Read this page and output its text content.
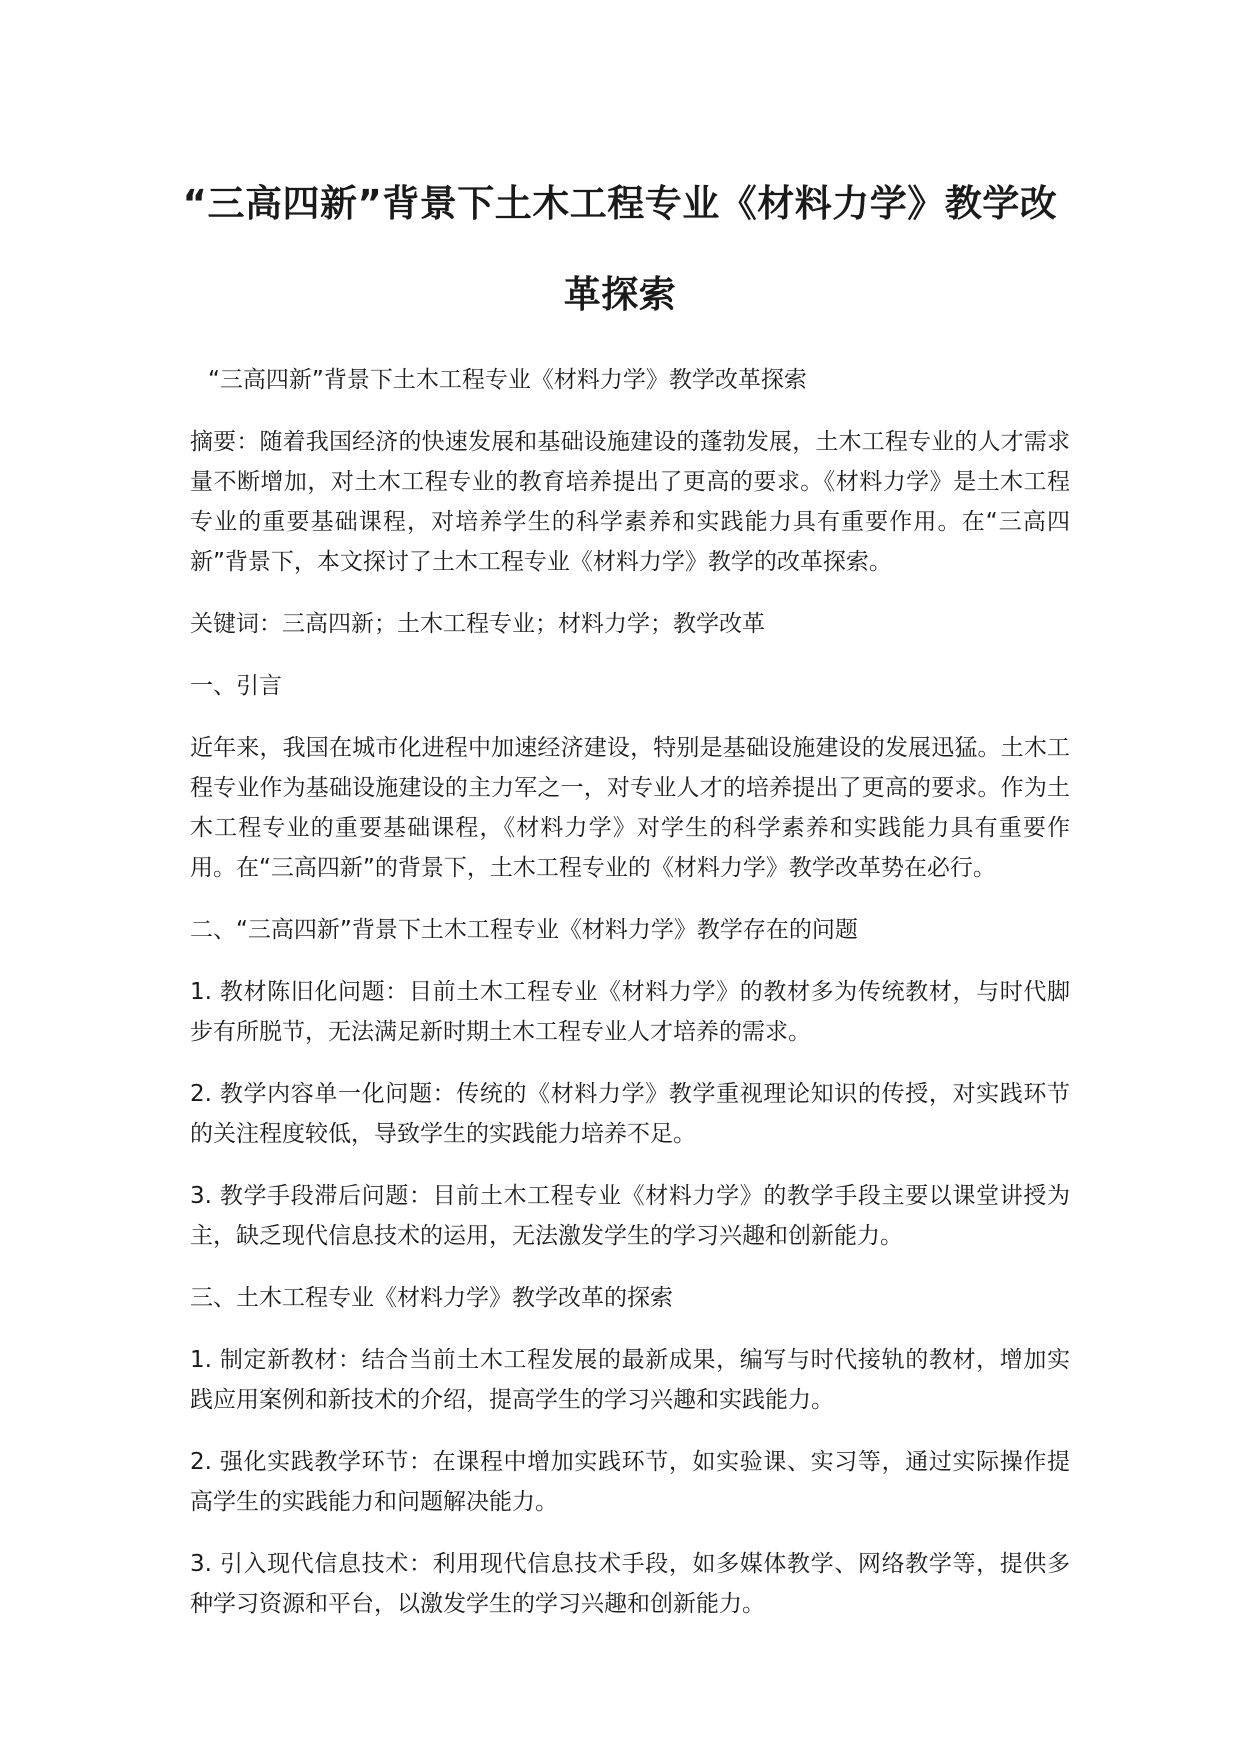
“三高四新”背景下土木工程专业《材料力学》教学改革探索

“三高四新”背景下土木工程专业《材料力学》教学改革探索

摘要：随着我国经济的快速发展和基础设施建设的蓬勃发展，土木工程专业的人才需求量不断增加，对土木工程专业的教育培养提出了更高的要求。《材料力学》是土木工程专业的重要基础课程，对培养学生的科学素养和实践能力具有重要作用。在“三高四新”背景下，本文探讨了土木工程专业《材料力学》教学的改革探索。

关键词：三高四新；土木工程专业；材料力学；教学改革

一、引言

近年来，我国在城市化进程中加速经济建设，特别是基础设施建设的发展迅猛。土木工程专业作为基础设施建设的主力军之一，对专业人才的培养提出了更高的要求。作为土木工程专业的重要基础课程，《材料力学》对学生的科学素养和实践能力具有重要作用。在“三高四新”的背景下，土木工程专业的《材料力学》教学改革势在必行。

二、“三高四新”背景下土木工程专业《材料力学》教学存在的问题

1. 教材陈旧化问题：目前土木工程专业《材料力学》的教材多为传统教材，与时代脚步有所脱节，无法满足新时期土木工程专业人才培养的需求。

2. 教学内容单一化问题：传统的《材料力学》教学重视理论知识的传授，对实践环节的关注程度较低，导致学生的实践能力培养不足。

3. 教学手段滞后问题：目前土木工程专业《材料力学》的教学手段主要以课堂讲授为主，缺乏现代信息技术的运用，无法激发学生的学习兴趣和创新能力。

三、土木工程专业《材料力学》教学改革的探索

1. 制定新教材：结合当前土木工程发展的最新成果，编写与时代接轨的教材，增加实践应用案例和新技术的介绍，提高学生的学习兴趣和实践能力。

2. 强化实践教学环节：在课程中增加实践环节，如实验课、实习等，通过实际操作提高学生的实践能力和问题解决能力。

3. 引入现代信息技术：利用现代信息技术手段，如多媒体教学、网络教学等，提供多种学习资源和平台，以激发学生的学习兴趣和创新能力。
